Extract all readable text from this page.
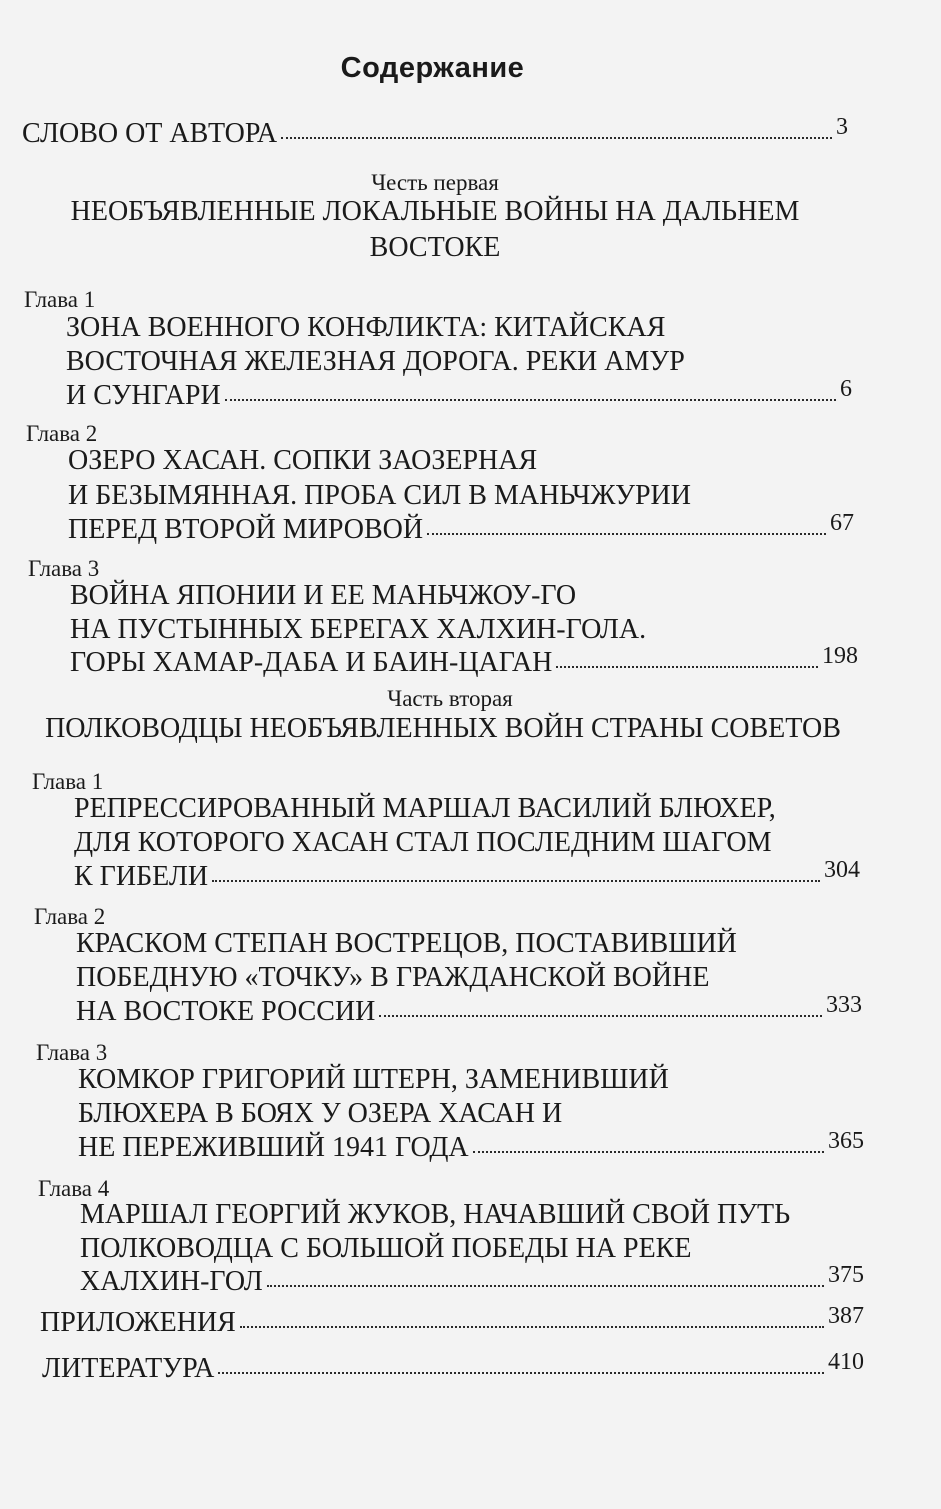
Содержание
СЛОВО ОТ АВТОРА	3
Честь первая
НЕОБЪЯВЛЕННЫЕ ЛОКАЛЬНЫЕ ВОЙНЫ НА ДАЛЬНЕМ
ВОСТОКЕ
Глава 1
ЗОНА ВОЕННОГО КОНФЛИКТА: КИТАЙСКАЯ
ВОСТОЧНАЯ ЖЕЛЕЗНАЯ ДОРОГА. РЕКИ АМУР
И СУНГАРИ	6
Глава 2
ОЗЕРО ХАСАН. СОПКИ ЗАОЗЕРНАЯ
И БЕЗЫМЯННАЯ. ПРОБА СИЛ В МАНЬЧЖУРИИ
ПЕРЕД ВТОРОЙ МИРОВОЙ	67
Глава 3
ВОЙНА ЯПОНИИ И ЕЕ МАНЬЧЖОУ-ГО
НА ПУСТЫННЫХ БЕРЕГАХ ХАЛХИН-ГОЛА.
ГОРЫ ХАМАР-ДАБА И БАИН-ЦАГАН	198
Часть вторая
ПОЛКОВОДЦЫ НЕОБЪЯВЛЕННЫХ ВОЙН СТРАНЫ СОВЕТОВ
Глава 1
РЕПРЕССИРОВАННЫЙ МАРШАЛ ВАСИЛИЙ БЛЮХЕР,
ДЛЯ КОТОРОГО ХАСАН СТАЛ ПОСЛЕДНИМ ШАГОМ
К ГИБЕЛИ	304
Глава 2
КРАСКОМ СТЕПАН ВОСТРЕЦОВ, ПОСТАВИВШИЙ
ПОБЕДНУЮ «ТОЧКУ» В ГРАЖДАНСКОЙ ВОЙНЕ
НА ВОСТОКЕ РОССИИ	333
Глава 3
КОМКОР ГРИГОРИЙ ШТЕРН, ЗАМЕНИВШИЙ
БЛЮХЕРА В БОЯХ У ОЗЕРА ХАСАН И
НЕ ПЕРЕЖИВШИЙ 1941 ГОДА	365
Глава 4
МАРШАЛ ГЕОРГИЙ ЖУКОВ, НАЧАВШИЙ СВОЙ ПУТЬ
ПОЛКОВОДЦА С БОЛЬШОЙ ПОБЕДЫ НА РЕКЕ
ХАЛХИН-ГОЛ	375
ПРИЛОЖЕНИЯ	387
ЛИТЕРАТУРА	410
